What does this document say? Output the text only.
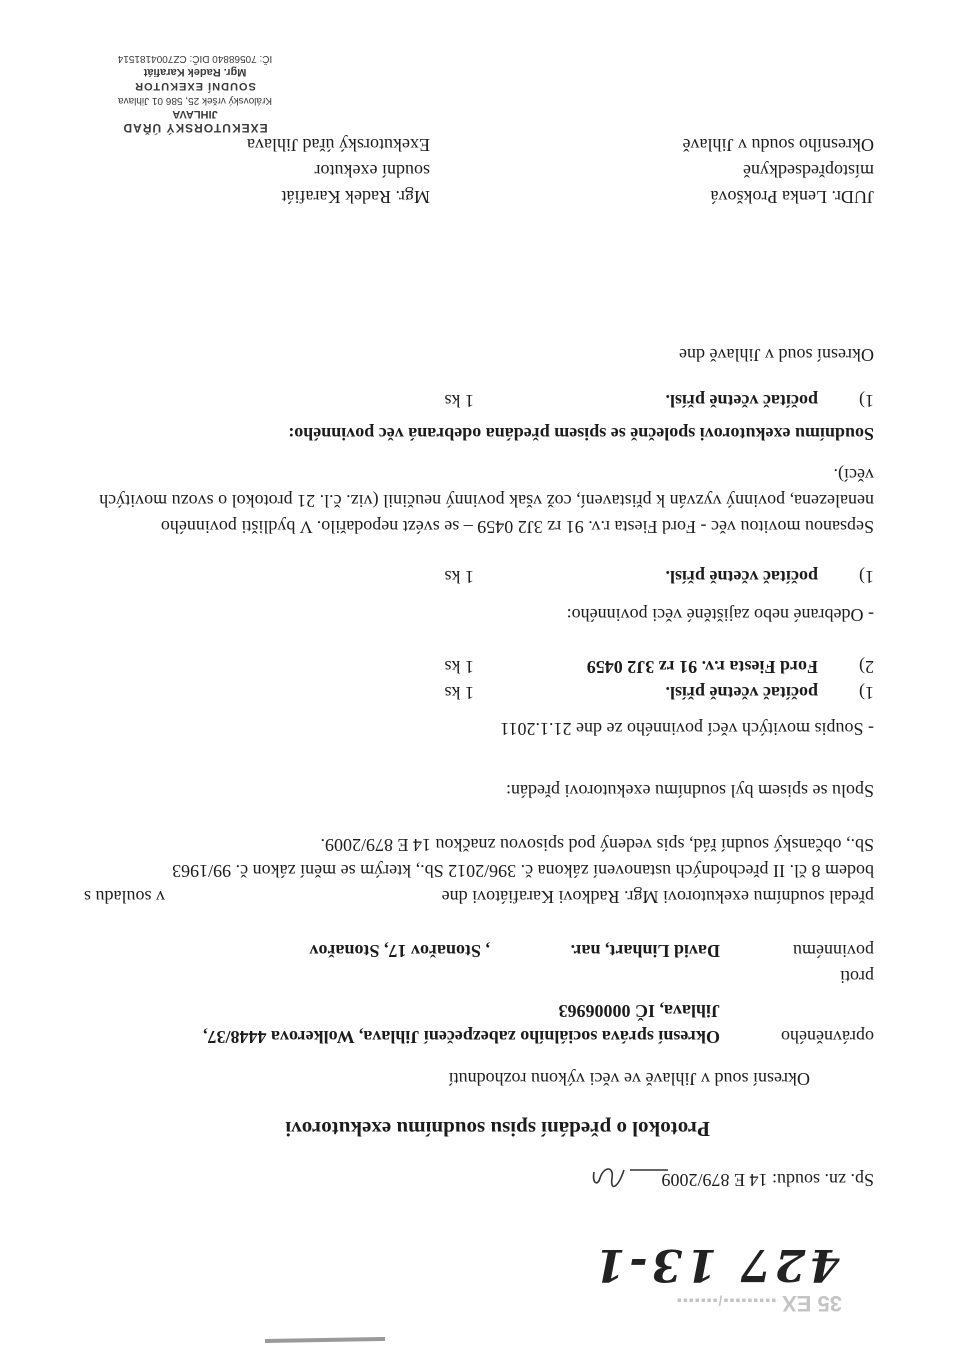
35 EX▪▪▪▪▪▪▪▪▪/▪▪▪▪▪▪▪
427 13-1
Sp. zn. soudu: 14 E 879/2009
Protokol o předání spisu soudnímu exekutorovi
Okresní soud v Jihlavě ve věci výkonu rozhodnutí
oprávněného
Okresní správa sociálního zabezpečení Jihlava, Wolkerova 4448/37,
Jihlava, IČ 00006963
proti
povinnému
David Linhart, nar.
, Stonařov 17, Stonařov
předal soudnímu exekutorovi Mgr. Radkovi Karafiátovi dne
v souladu s
bodem 8 čl. II přechodných ustanovení zákona č. 396/2012 Sb., kterým se mění zákon č. 99/1963
Sb., občanský soudní řád, spis vedený pod spisovou značkou 14 E 879/2009.
Spolu se spisem byl soudnímu exekutorovi předán:
- Soupis movitých věcí povinného ze dne 21.1.2011
1)
počítač včetně přísl.
1 ks
2)
Ford Fiesta r.v. 91 rz 3J2 0459
1 ks
- Odebrané nebo zajištěné věci povinného:
1)
počítač včetně přísl.
1 ks
Sepsanou movitou věc - Ford Fiesta r.v. 91 rz 3J2 0459 – se svézt nepodařilo. V bydlišti povinného
nenalezena, povinný vyzván k přistavení, což však povinný neučinil (viz. č.l. 21 protokol o svozu movitých
věcí).
Soudnímu exekutorovi společně se spisem předána odebraná věc povinného:
1)
počítač včetně přísl.
1 ks
Okresní soud v Jihlavě dne
JUDr. Lenka Prokšová
místopředsedkyně
Okresního soudu v Jihlavě
Mgr. Radek Karafiát
soudní exekutor
Exekutorský úřad Jihlava
EXEKUTORSKÝ ÚŘAD
JIHLAVA
Královský vršek 25, 586 01 Jihlava
SOUDNÍ EXEKUTOR
Mgr. Radek Karafiát
IČ: 70568840 DIČ: CZ7004181514
